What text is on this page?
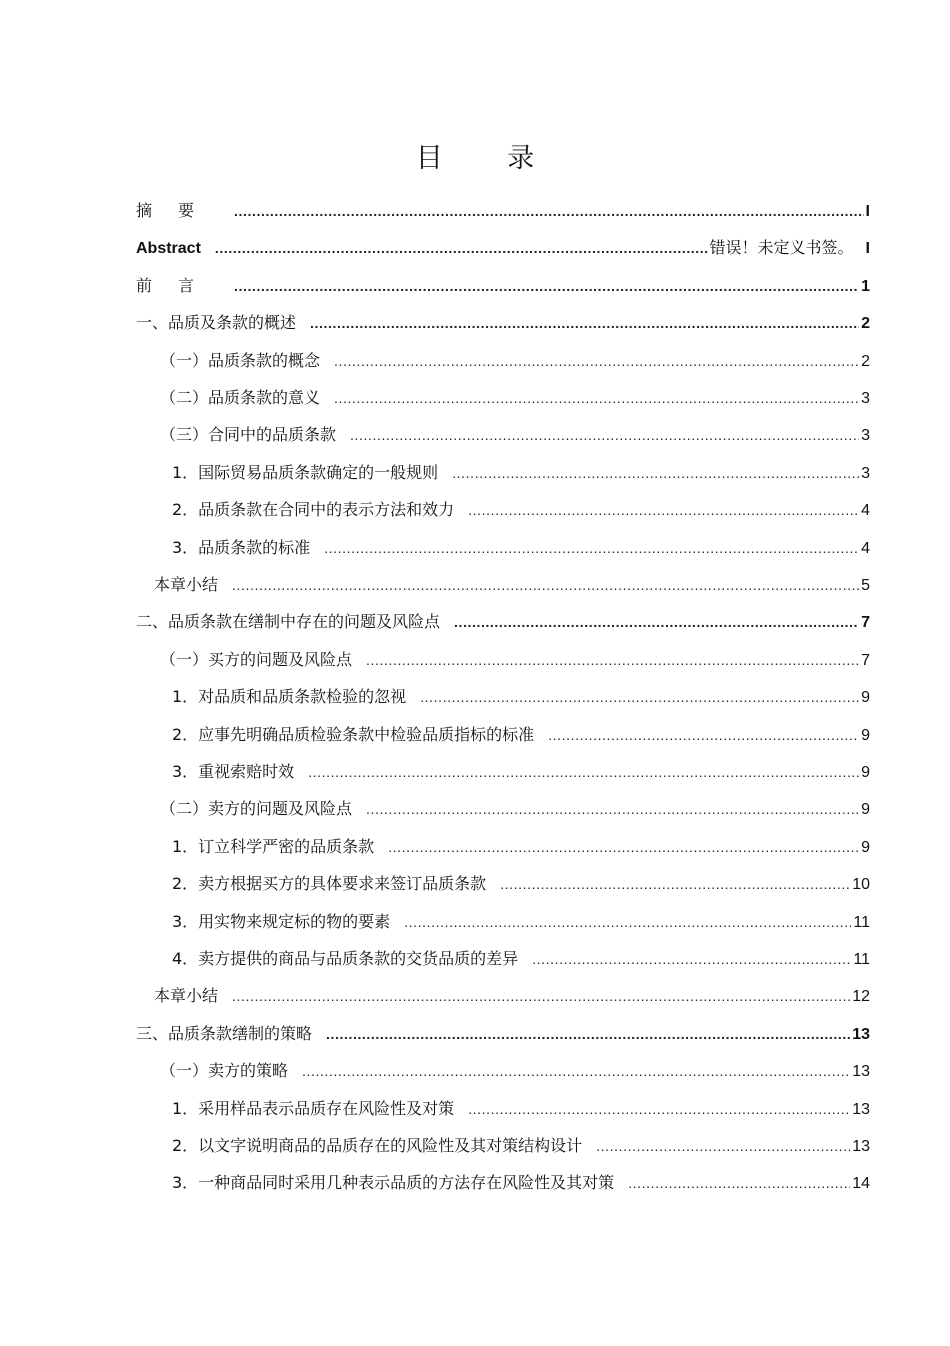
目 录
摘要 .....	I
Abstract .....	错误！未定义书签。 I
前言 .....	1
一、品质及条款的概述 .....	2
（一）品质条款的概念 .....	2
（二）品质条款的意义 .....	3
（三）合同中的品质条款 .....	3
1．国际贸易品质条款确定的一般规则 .....	3
2．品质条款在合同中的表示方法和效力 .....	4
3．品质条款的标准 .....	4
本章小结 .....	5
二、品质条款在缮制中存在的问题及风险点 .....	7
（一）买方的问题及风险点 .....	7
1．对品质和品质条款检验的忽视 .....	9
2．应事先明确品质检验条款中检验品质指标的标准 .....	9
3．重视索赔时效 .....	9
（二）卖方的问题及风险点 .....	9
1．订立科学严密的品质条款 .....	9
2．卖方根据买方的具体要求来签订品质条款 .....	10
3．用实物来规定标的物的要素 .....	11
4．卖方提供的商品与品质条款的交货品质的差异 .....	11
本章小结 .....	12
三、品质条款缮制的策略 .....	13
（一）卖方的策略 .....	13
1．采用样品表示品质存在风险性及对策 .....	13
2．以文字说明商品的品质存在的风险性及其对策结构设计 .....	13
3．一种商品同时采用几种表示品质的方法存在风险性及其对策 .....	14
